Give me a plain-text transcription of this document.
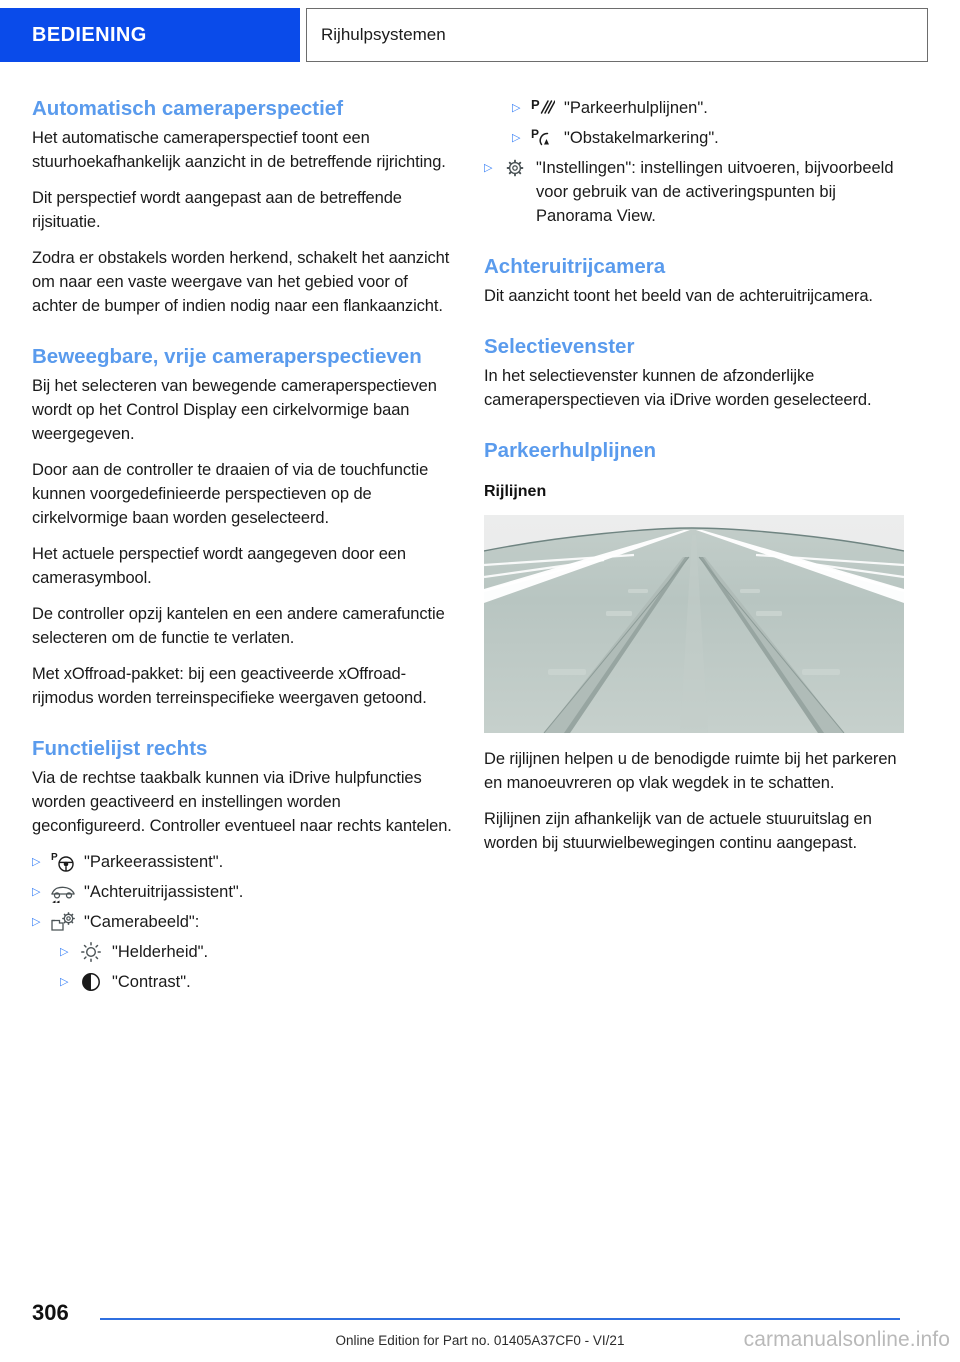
BEDIENING	Rijhulpsystemen
Automatisch cameraperspectief

Het automatische cameraperspectief toont een stuurhoekafhankelijk aanzicht in de betreffende rijrichting.

Dit perspectief wordt aangepast aan de betreffende rijsituatie.

Zodra er obstakels worden herkend, schakelt het aanzicht om naar een vaste weergave van het gebied voor of achter de bumper of indien nodig naar een flankaanzicht.

Beweegbare, vrije cameraperspectieven

Bij het selecteren van bewegende cameraperspectieven wordt op het Control Display een cirkelvormige baan weergegeven.

Door aan de controller te draaien of via de touchfunctie kunnen voorgedefinieerde perspectieven op de cirkelvormige baan worden geselecteerd.

Het actuele perspectief wordt aangegeven door een camerasymbool.

De controller opzij kantelen en een andere camerafunctie selecteren om de functie te verlaten.

Met xOffroad-pakket: bij een geactiveerde xOffroad-rijmodus worden terreinspecifieke weergaven getoond.

Functielijst rechts

Via de rechtse taakbalk kunnen via iDrive hulpfuncties worden geactiveerd en instellingen worden geconfigureerd. Controller eventueel naar rechts kantelen.

▷	P "Parkeerassistent".
▷	"Achteruitrijassistent".
▷	"Camerabeeld":
▷	"Helderheid".
▷	"Contrast".
▷ P "Parkeerhulplijnen".
▷ P "Obstakelmarkering".
▷	"Instellingen": instellingen uitvoeren, bijvoorbeeld voor gebruik van de activeringspunten bij Panorama View.
Achteruitrijcamera

Dit aanzicht toont het beeld van de achteruitrijcamera.

Selectievenster

In het selectievenster kunnen de afzonderlijke cameraperspectieven via iDrive worden geselecteerd.

Parkeerhulplijnen
Rijlijnen

De rijlijnen helpen u de benodigde ruimte bij het parkeren en manoeuvreren op vlak wegdek in te schatten.

Rijlijnen zijn afhankelijk van de actuele stuuruitslag en worden bij stuurwielbewegingen continu aangepast.

306
Online Edition for Part no. 01405A37CF0 - VI/21	carmanualsonline.info
